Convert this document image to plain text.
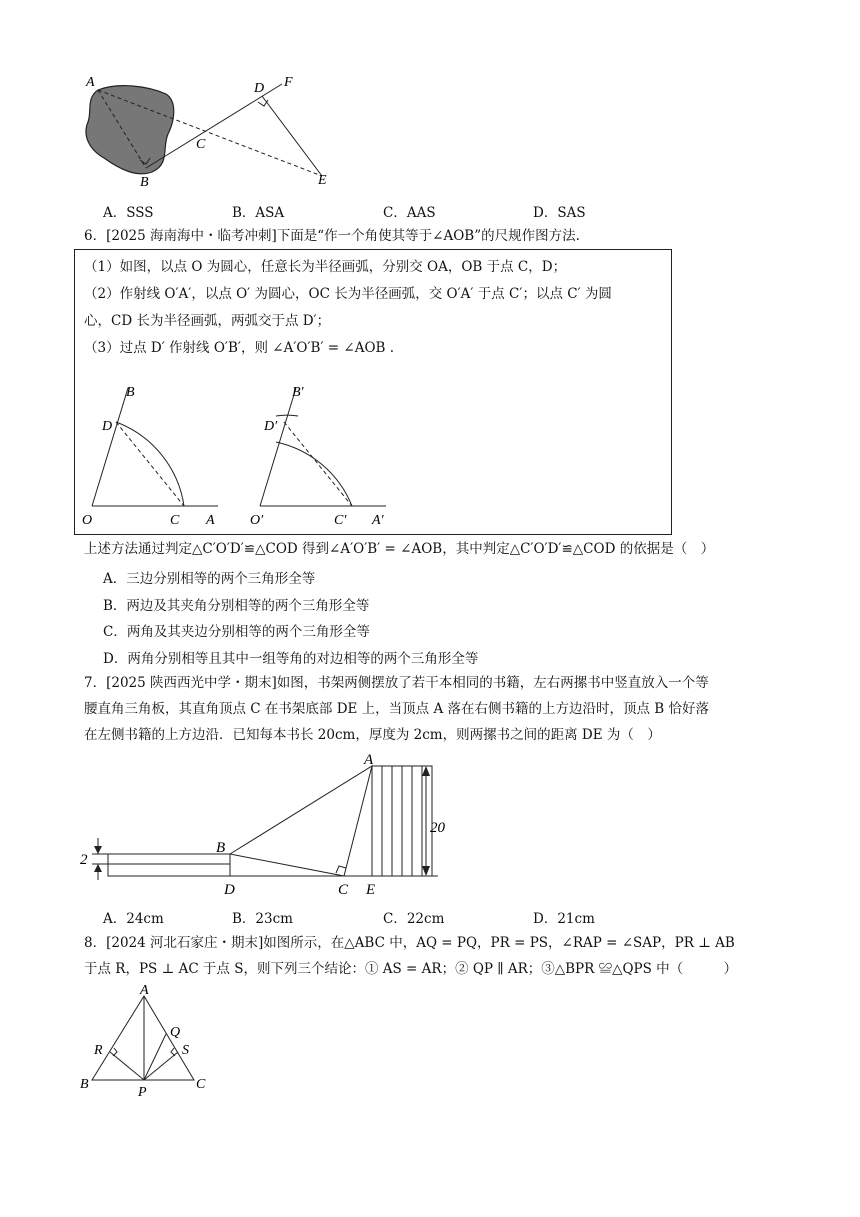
A
B
C
D
E
F
A．SSS	B．ASA	C．AAS	D．SAS
6．[2025 海南海中・临考冲刺]下面是“作一个角使其等于∠AOB”的尺规作图方法.
（1）如图，以点 O 为圆心，任意长为半径画弧，分别交 OA，OB 于点 C，D；
（2）作射线 O′A′，以点 O′ 为圆心，OC 长为半径画弧，交 O′A′ 于点 C′；以点 C′ 为圆
心，CD 长为半径画弧，两弧交于点 D′；
（3）过点 D′ 作射线 O′B′，则 ∠A′O′B′ = ∠AOB .
B
D
O	C A
B′
D′
O′	C′ A′
上述方法通过判定△C′O′D′≌△COD 得到∠A′O′B′ = ∠AOB，其中判定△C′O′D′≌△COD 的依据是（　）
A．三边分别相等的两个三角形全等
B．两边及其夹角分别相等的两个三角形全等
C．两角及其夹边分别相等的两个三角形全等
D．两角分别相等且其中一组等角的对边相等的两个三角形全等
7．[2025 陕西西光中学・期末]如图，书架两侧摆放了若干本相同的书籍，左右两摞书中竖直放入一个等
腰直角三角板，其直角顶点 C 在书架底部 DE 上，当顶点 A 落在右侧书籍的上方边沿时，顶点 B 恰好落
在左侧书籍的上方边沿．已知每本书长 20cm，厚度为 2cm，则两摞书之间的距离 DE 为（　）
A
B
C
D	E
2
20
A．24cm	B．23cm	C．22cm	D．21cm
8．[2024 河北石家庄・期末]如图所示，在△ABC 中，AQ = PQ，PR = PS，∠RAP = ∠SAP，PR ⊥ AB
于点 R，PS ⊥ AC 于点 S，则下列三个结论：① AS = AR；② QP ∥ AR；③△BPR ≌△QPS 中（　　　）
A
Q
R	S
B
P
C
